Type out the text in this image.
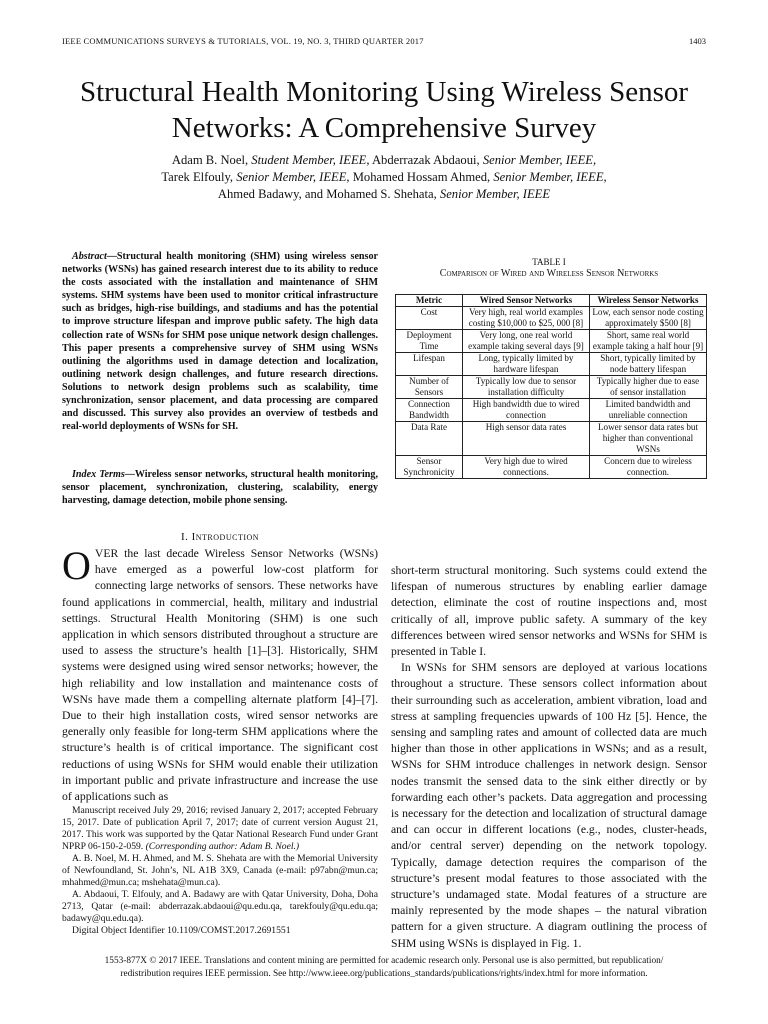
IEEE COMMUNICATIONS SURVEYS & TUTORIALS, VOL. 19, NO. 3, THIRD QUARTER 2017	1403
Structural Health Monitoring Using Wireless Sensor
Networks: A Comprehensive Survey
Adam B. Noel, Student Member, IEEE, Abderrazak Abdaoui, Senior Member, IEEE,
Tarek Elfouly, Senior Member, IEEE, Mohamed Hossam Ahmed, Senior Member, IEEE,
Ahmed Badawy, and Mohamed S. Shehata, Senior Member, IEEE

Abstract—Structural health monitoring (SHM) using wireless sensor networks (WSNs) has gained research interest due to its ability to reduce the costs associated with the installation and maintenance of SHM systems. SHM systems have been used to monitor critical infrastructure such as bridges, high-rise buildings, and stadiums and has the potential to improve structure lifespan and improve public safety. The high data collection rate of WSNs for SHM pose unique network design challenges. This paper presents a comprehensive survey of SHM using WSNs outlining the algorithms used in damage detection and localization, outlining network design challenges, and future research directions. Solutions to network design problems such as scalability, time synchronization, sensor placement, and data processing are compared and discussed. This survey also provides an overview of testbeds and real-world deployments of WSNs for SH.

Index Terms—Wireless sensor networks, structural health monitoring, sensor placement, synchronization, clustering, scalability, energy harvesting, damage detection, mobile phone sensing.

I. Introduction

OVER the last decade Wireless Sensor Networks (WSNs) have emerged as a powerful low-cost platform for connecting large networks of sensors. These networks have found applications in commercial, health, military and industrial settings. Structural Health Monitoring (SHM) is one such application in which sensors distributed throughout a structure are used to assess the structure’s health [1]–[3]. Historically, SHM systems were designed using wired sensor networks; however, the high reliability and low installation and maintenance costs of WSNs have made them a compelling alternate platform [4]–[7]. Due to their high installation costs, wired sensor networks are generally only feasible for long-term SHM applications where the structure’s health is of critical importance. The significant cost reductions of using WSNs for SHM would enable their utilization in important public and private infrastructure and increase the use of applications such as

Manuscript received July 29, 2016; revised January 2, 2017; accepted February 15, 2017. Date of publication April 7, 2017; date of current version August 21, 2017. This work was supported by the Qatar National Research Fund under Grant NPRP 06-150-2-059. (Corresponding author: Adam B. Noel.)

A. B. Noel, M. H. Ahmed, and M. S. Shehata are with the Memorial University of Newfoundland, St. John’s, NL A1B 3X9, Canada (e-mail: p97abn@mun.ca; mhahmed@mun.ca; mshehata@mun.ca).

A. Abdaoui, T. Elfouly, and A. Badawy are with Qatar University, Doha, Doha 2713, Qatar (e-mail: abderrazak.abdaoui@qu.edu.qa, tarekfouly@qu.edu.qa; badawy@qu.edu.qa).

Digital Object Identifier 10.1109/COMST.2017.2691551

TABLE I
Comparison of Wired and Wireless Sensor Networks
Metric	Wired Sensor Networks	Wireless Sensor Networks
Cost	Very high, real world examples costing $10,000 to $25, 000 [8]	Low, each sensor node costing approximately $500 [8]
Deployment Time	Very long, one real world example taking several days [9]	Short, same real world example taking a half hour [9]
Lifespan	Long, typically limited by hardware lifespan	Short, typically limited by node battery lifespan
Number of Sensors	Typically low due to sensor installation difficulty	Typically higher due to ease of sensor installation
Connection Bandwidth	High bandwidth due to wired connection	Limited bandwidth and unreliable connection
Data Rate	High sensor data rates	Lower sensor data rates but higher than conventional WSNs
Sensor Synchronicity	Very high due to wired connections.	Concern due to wireless connection.

short-term structural monitoring. Such systems could extend the lifespan of numerous structures by enabling earlier damage detection, eliminate the cost of routine inspections and, most critically of all, improve public safety. A summary of the key differences between wired sensor networks and WSNs for SHM is presented in Table I.

In WSNs for SHM sensors are deployed at various locations throughout a structure. These sensors collect information about their surrounding such as acceleration, ambient vibration, load and stress at sampling frequencies upwards of 100 Hz [5]. Hence, the sensing and sampling rates and amount of collected data are much higher than those in other applications in WSNs; and as a result, WSNs for SHM introduce challenges in network design. Sensor nodes transmit the sensed data to the sink either directly or by forwarding each other’s packets. Data aggregation and processing is necessary for the detection and localization of structural damage and can occur in different locations (e.g., nodes, cluster-heads, and/or central server) depending on the network topology. Typically, damage detection requires the comparison of the structure’s present modal features to those associated with the structure’s undamaged state. Modal features of a structure are mainly represented by the mode shapes – the natural vibration pattern for a given structure. A diagram outlining the process of SHM using WSNs is displayed in Fig. 1.

1553-877X © 2017 IEEE. Translations and content mining are permitted for academic research only. Personal use is also permitted, but republication/
redistribution requires IEEE permission. See http://www.ieee.org/publications_standards/publications/rights/index.html for more information.
